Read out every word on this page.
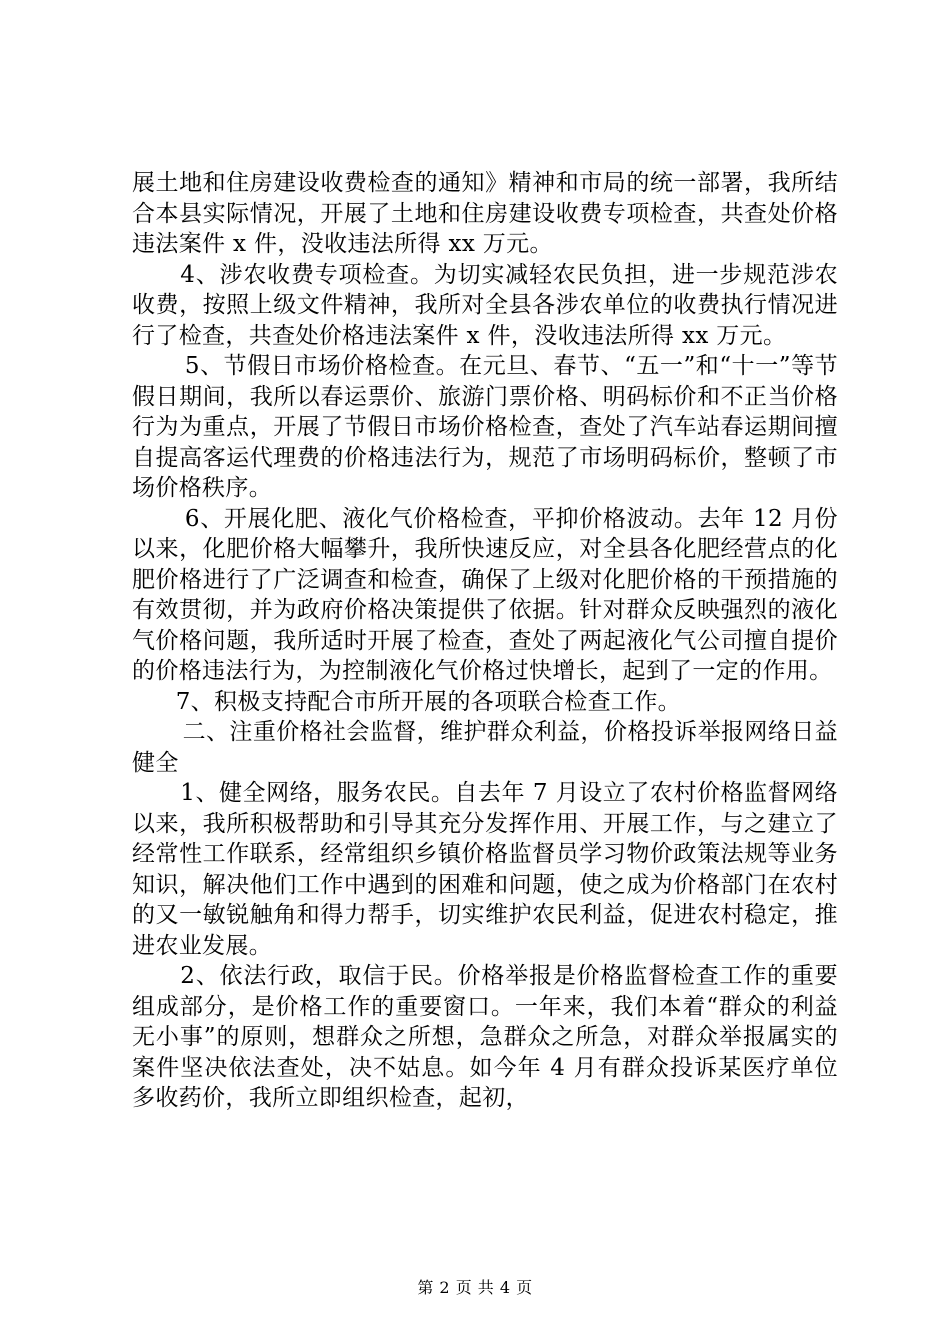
展土地和住房建设收费检查的通知》精神和市局的统一部署，我所结合本县实际情况，开展了土地和住房建设收费专项检查，共查处价格违法案件 x 件，没收违法所得 xx 万元。

4、涉农收费专项检查。为切实减轻农民负担，进一步规范涉农收费，按照上级文件精神，我所对全县各涉农单位的收费执行情况进行了检查，共查处价格违法案件 x 件，没收违法所得 xx 万元。

5、节假日市场价格检查。在元旦、春节、“五一”和“十一”等节假日期间，我所以春运票价、旅游门票价格、明码标价和不正当价格行为为重点，开展了节假日市场价格检查，查处了汽车站春运期间擅自提高客运代理费的价格违法行为，规范了市场明码标价，整顿了市场价格秩序。

6、开展化肥、液化气价格检查，平抑价格波动。去年 12 月份以来，化肥价格大幅攀升，我所快速反应，对全县各化肥经营点的化肥价格进行了广泛调查和检查，确保了上级对化肥价格的干预措施的有效贯彻，并为政府价格决策提供了依据。针对群众反映强烈的液化气价格问题，我所适时开展了检查，查处了两起液化气公司擅自提价的价格违法行为，为控制液化气价格过快增长，起到了一定的作用。

7、积极支持配合市所开展的各项联合检查工作。

二、注重价格社会监督，维护群众利益，价格投诉举报网络日益健全

1、健全网络，服务农民。自去年 7 月设立了农村价格监督网络以来，我所积极帮助和引导其充分发挥作用、开展工作，与之建立了经常性工作联系，经常组织乡镇价格监督员学习物价政策法规等业务知识，解决他们工作中遇到的困难和问题，使之成为价格部门在农村的又一敏锐触角和得力帮手，切实维护农民利益，促进农村稳定，推进农业发展。

2、依法行政，取信于民。价格举报是价格监督检查工作的重要组成部分，是价格工作的重要窗口。一年来，我们本着“群众的利益无小事”的原则，想群众之所想，急群众之所急，对群众举报属实的案件坚决依法查处，决不姑息。如今年 4 月有群众投诉某医疗单位多收药价，我所立即组织检查，起初，

第 2 页 共 4 页
